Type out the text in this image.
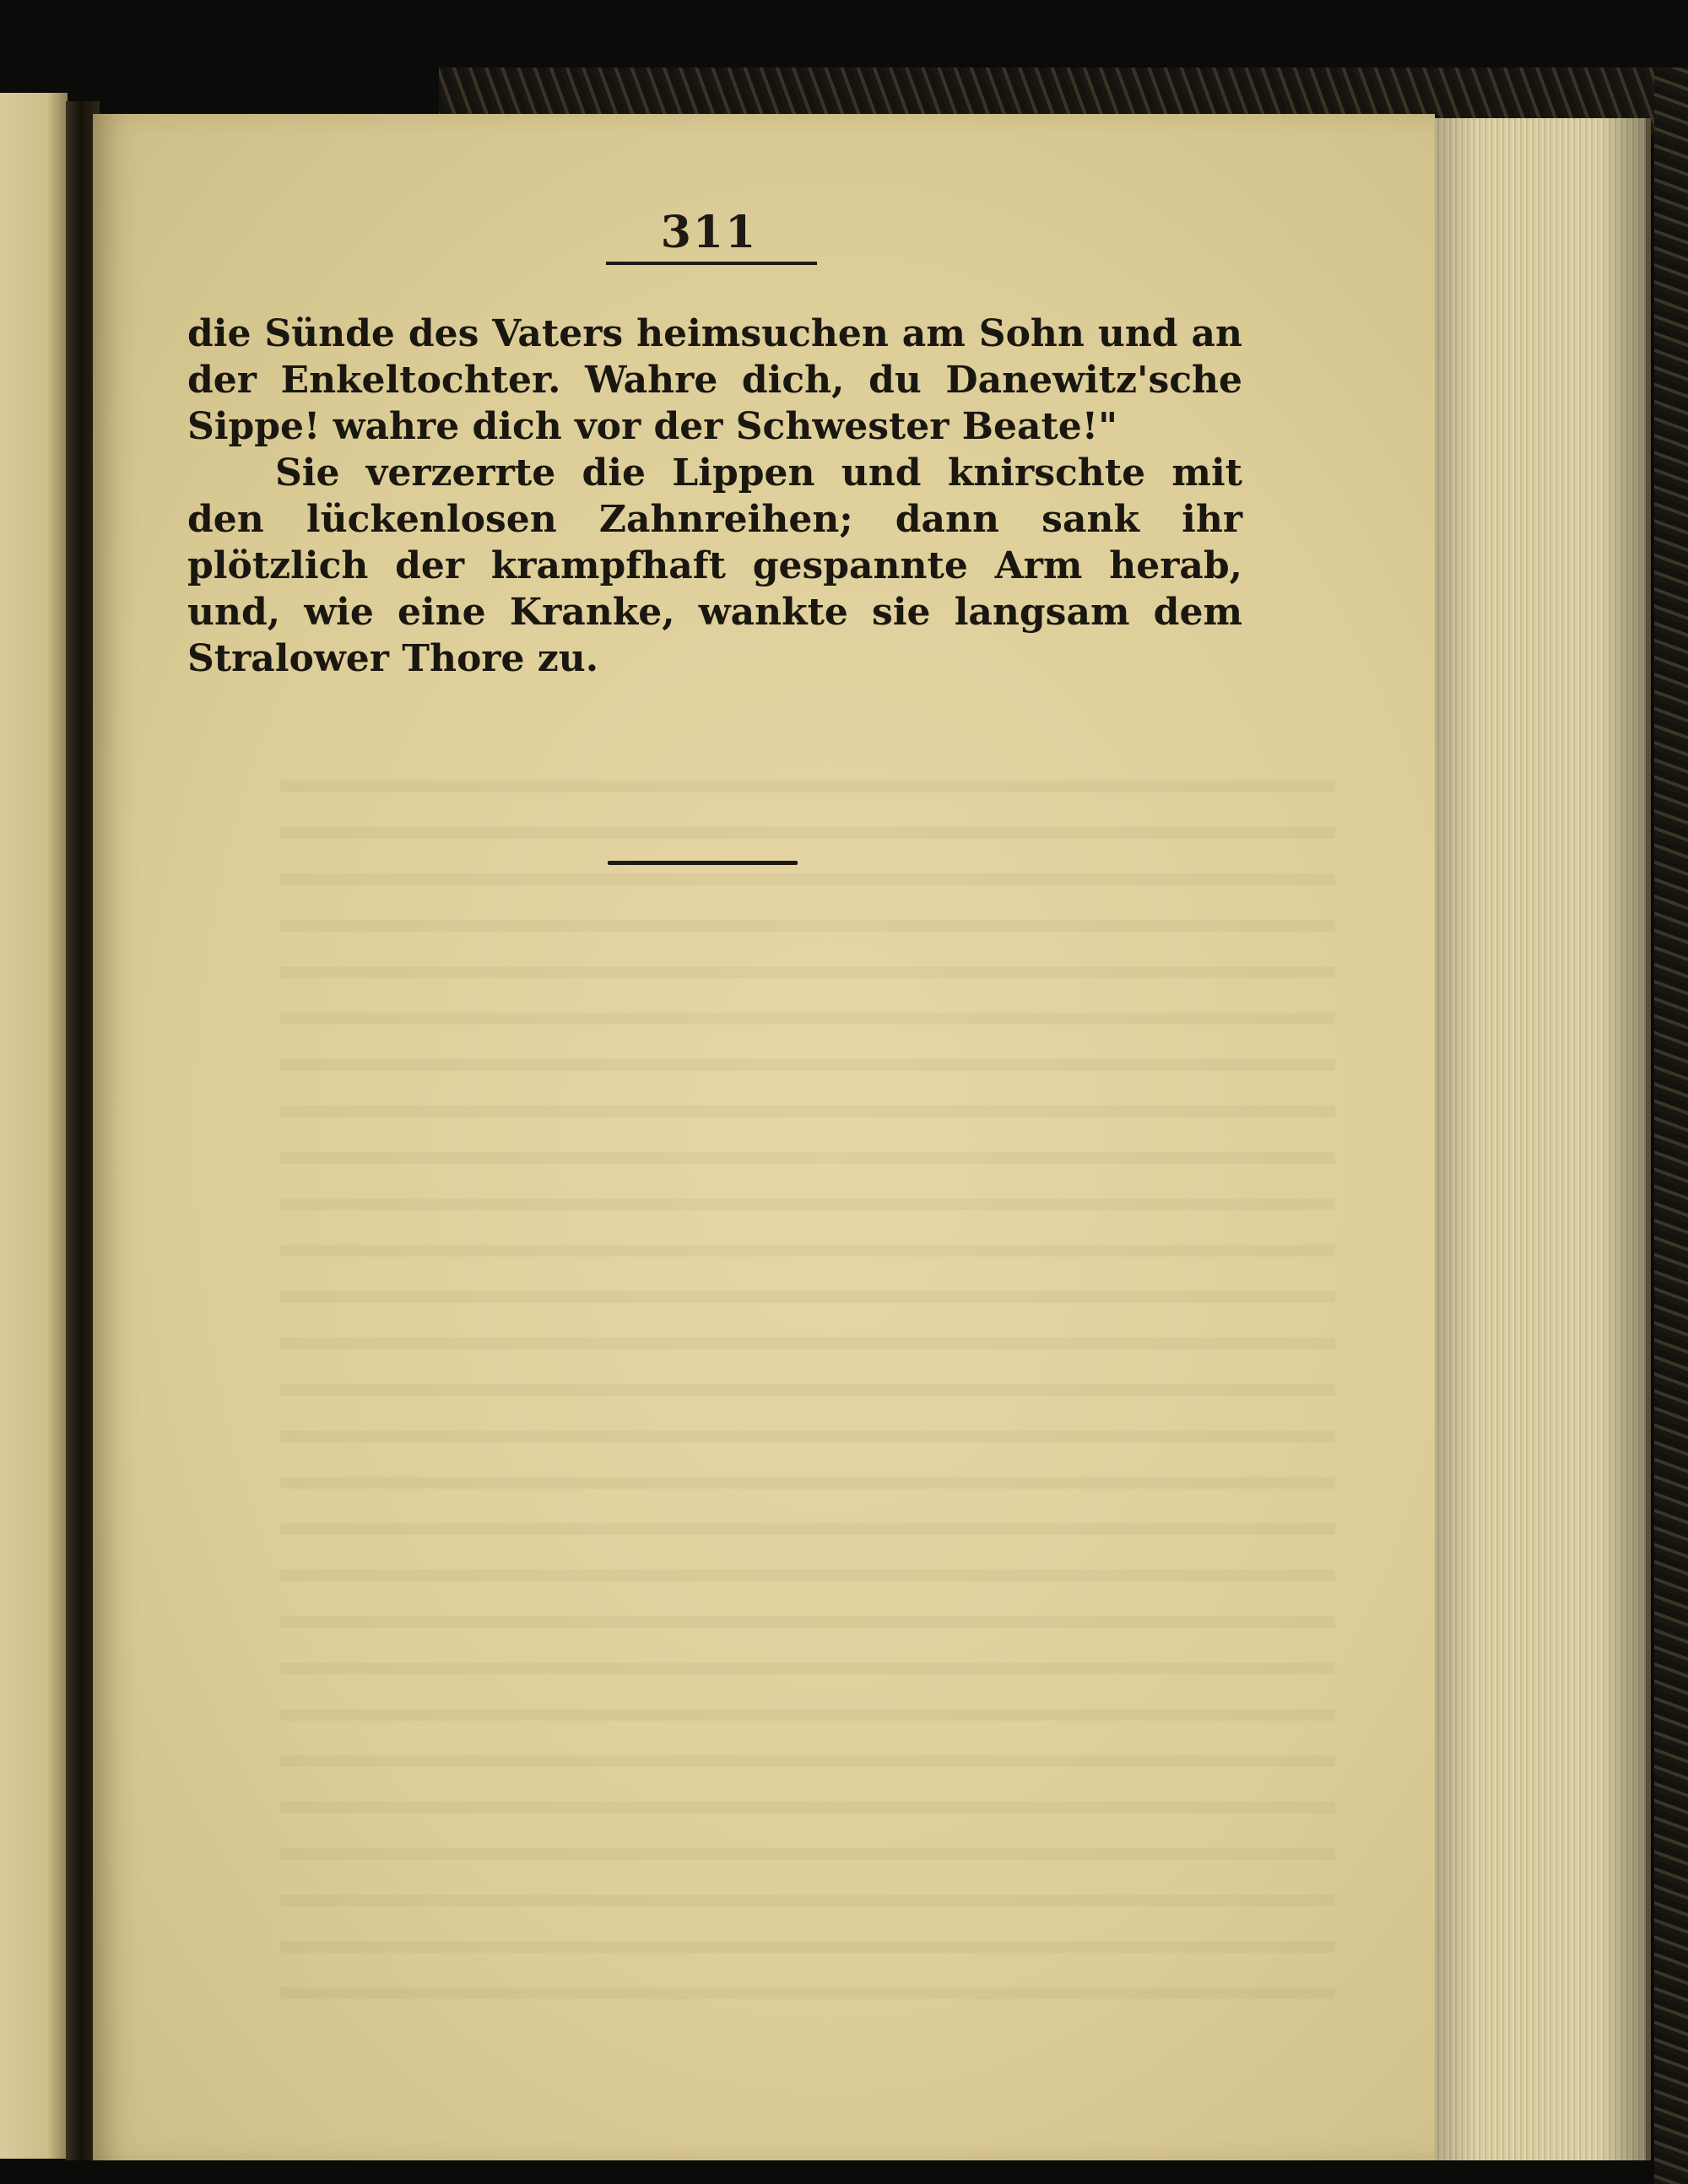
311

die Sünde des Vaters heimsuchen am Sohn und an der Enkeltochter. Wahre dich, du Danewitz'sche Sippe! wahre dich vor der Schwester Beate!"

Sie verzerrte die Lippen und knirschte mit den lückenlosen Zahnreihen; dann sank ihr plötzlich der krampfhaft gespannte Arm herab, und, wie eine Kranke, wankte sie langsam dem Stralower Thore zu.
